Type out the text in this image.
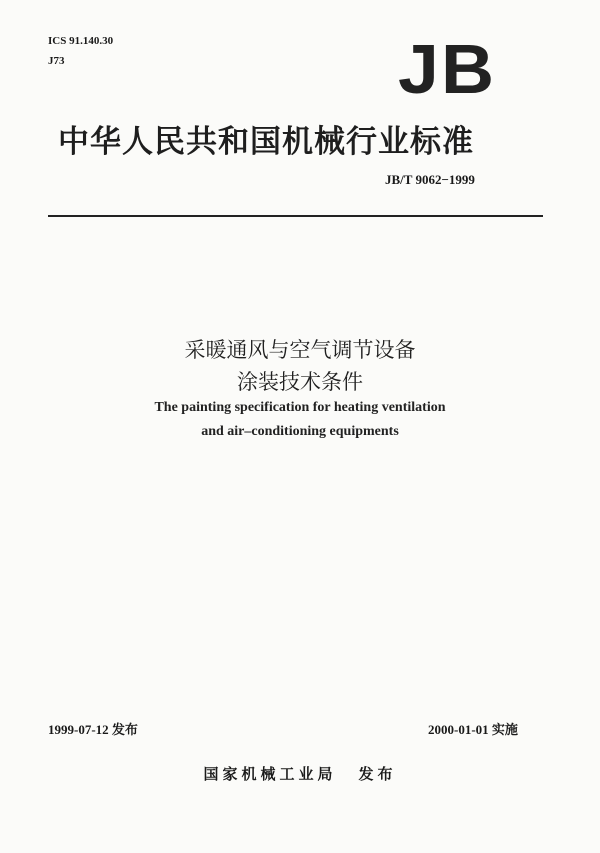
ICS 91.140.30
J73	JB
中华人民共和国机械行业标准
JB/T 9062−1999
采暖通风与空气调节设备
涂装技术条件
The painting specification for heating ventilation
and air–conditioning equipments
1999-07-12 发布	2000-01-01 实施
国家机械工业局 发布
